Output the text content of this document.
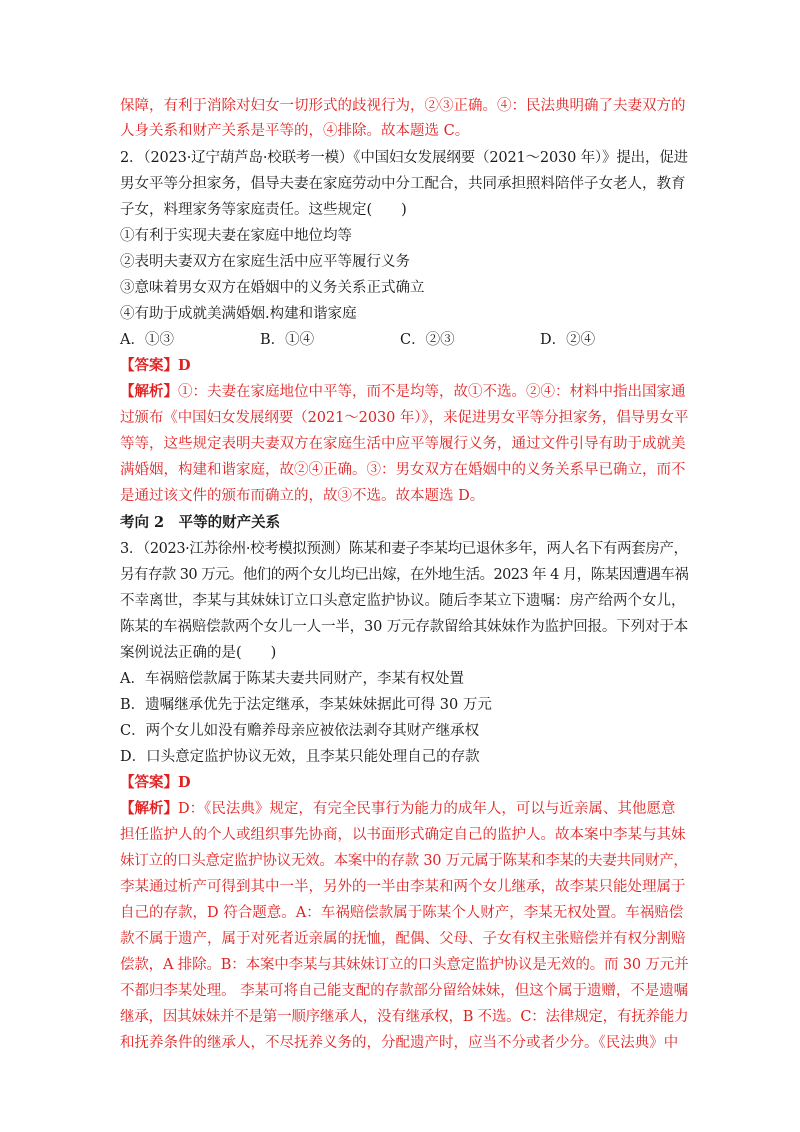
保障，有利于消除对妇女一切形式的歧视行为，②③正确。④：民法典明确了夫妻双方的
人身关系和财产关系是平等的，④排除。故本题选 C。
2．（2023·辽宁葫芦岛·校联考一模）《中国妇女发展纲要（2021～2030 年）》提出，促进
男女平等分担家务，倡导夫妻在家庭劳动中分工配合，共同承担照料陪伴子女老人，教育
子女，料理家务等家庭责任。这些规定(　　)
①有利于实现夫妻在家庭中地位均等
②表明夫妻双方在家庭生活中应平等履行义务
③意味着男女双方在婚姻中的义务关系正式确立
④有助于成就美满婚姻.构建和谐家庭
A．①③	B．①④	C．②③	D．②④
【答案】D
【解析】①：夫妻在家庭地位中平等，而不是均等，故①不选。②④：材料中指出国家通
过颁布《中国妇女发展纲要（2021～2030 年）》，来促进男女平等分担家务，倡导男女平
等等，这些规定表明夫妻双方在家庭生活中应平等履行义务，通过文件引导有助于成就美
满婚姻，构建和谐家庭，故②④正确。③：男女双方在婚姻中的义务关系早已确立，而不
是通过该文件的颁布而确立的，故③不选。故本题选 D。
考向 2　平等的财产关系
3．（2023·江苏徐州·校考模拟预测）陈某和妻子李某均已退休多年，两人名下有两套房产，
另有存款 30 万元。他们的两个女儿均已出嫁，在外地生活。2023 年 4 月，陈某因遭遇车祸
不幸离世，李某与其妹妹订立口头意定监护协议。随后李某立下遗嘱：房产给两个女儿，
陈某的车祸赔偿款两个女儿一人一半，30 万元存款留给其妹妹作为监护回报。下列对于本
案例说法正确的是(　　)
A．车祸赔偿款属于陈某夫妻共同财产，李某有权处置
B．遗嘱继承优先于法定继承，李某妹妹据此可得 30 万元
C．两个女儿如没有赡养母亲应被依法剥夺其财产继承权
D．口头意定监护协议无效，且李某只能处理自己的存款
【答案】D
【解析】D：《民法典》规定，有完全民事行为能力的成年人，可以与近亲属、其他愿意
担任监护人的个人或组织事先协商，以书面形式确定自己的监护人。故本案中李某与其妹
妹订立的口头意定监护协议无效。本案中的存款 30 万元属于陈某和李某的夫妻共同财产，
李某通过析产可得到其中一半，另外的一半由李某和两个女儿继承，故李某只能处理属于
自己的存款，D 符合题意。A：车祸赔偿款属于陈某个人财产，李某无权处置。车祸赔偿
款不属于遗产，属于对死者近亲属的抚恤，配偶、父母、子女有权主张赔偿并有权分割赔
偿款，A 排除。B：本案中李某与其妹妹订立的口头意定监护协议是无效的。而 30 万元并
不都归李某处理。 李某可将自己能支配的存款部分留给妹妹，但这个属于遗赠，不是遗嘱
继承，因其妹妹并不是第一顺序继承人，没有继承权，B 不选。C：法律规定，有抚养能力
和抚养条件的继承人，不尽抚养义务的，分配遗产时，应当不分或者少分。《民法典》中
